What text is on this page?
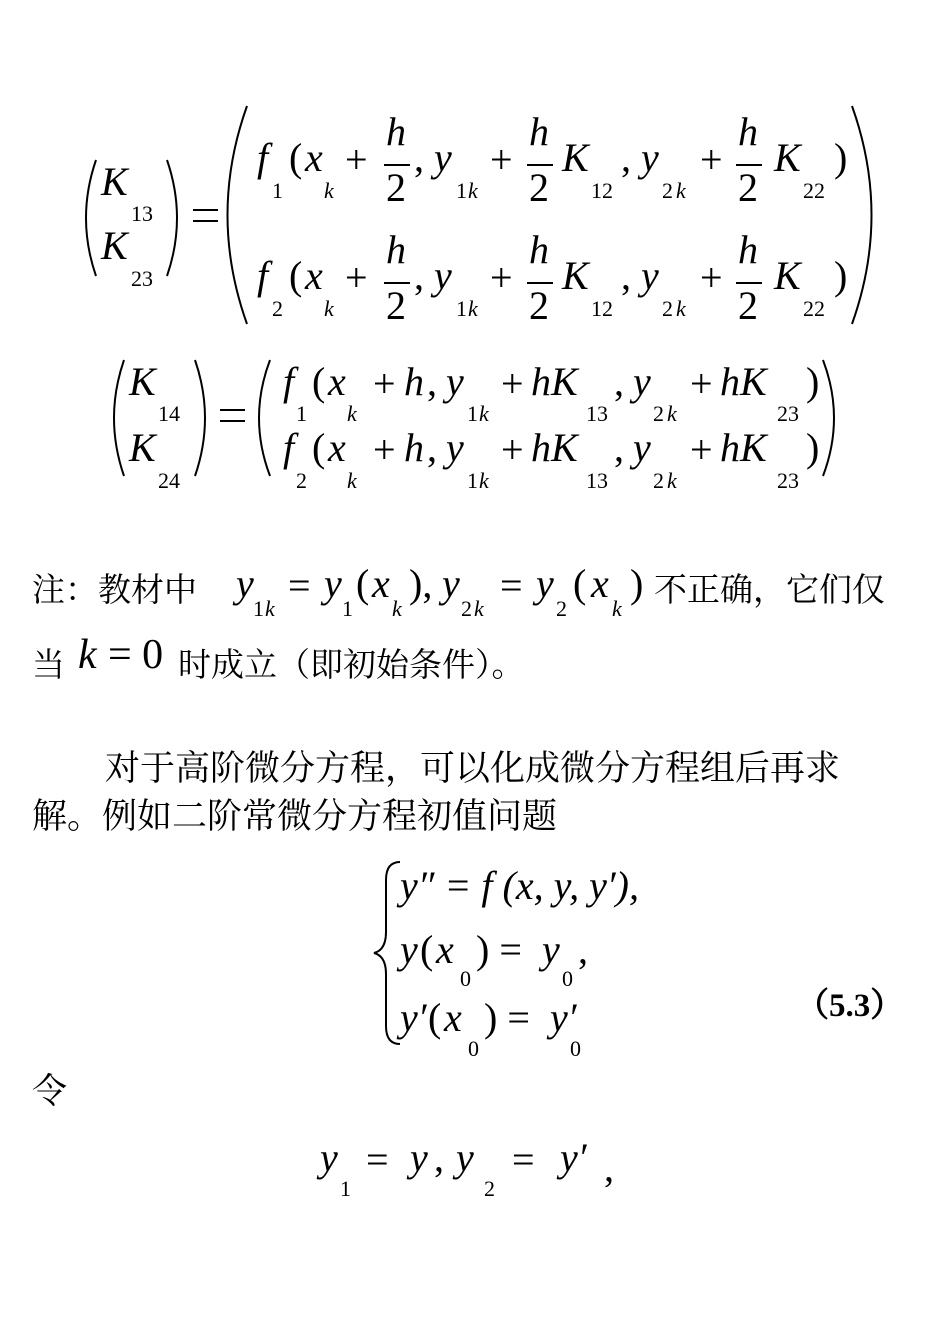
K
13
K
23
f
1
( x
k
+
h
2
, y
1 k
+
h
2
K
12
, y
2 k
+
h
2
K
22
)
f
2
( x
k
+
h
2
, y
1 k
+
h
2
K
12
, y
2 k
+
h
2
K
22
)
K
14
K
24
f
1
( x
k
+ h , y
1 k
+ hK
13
, y
2 k
+ hK
23
)
f
2
( x
k
+ h , y
1 k
+ hK
13
, y
2 k
+ hK
23
)
注：教材中 y
1 k
= y
1
( x
k
), y
2 k
= y
2
( x
k
) 不正确，它们仅
当 k = 0 时成立（即初始条件）。
对于高阶微分方程，可以化成微分方程组后再求
解。例如二阶常微分方程初值问题
y″ = f (x, y, y′),
y ( x
0
) = y
0
,
y′ ( x
0
) = y′
0
（5.3）
令
y
1
= y , y
2
= y′ ,
